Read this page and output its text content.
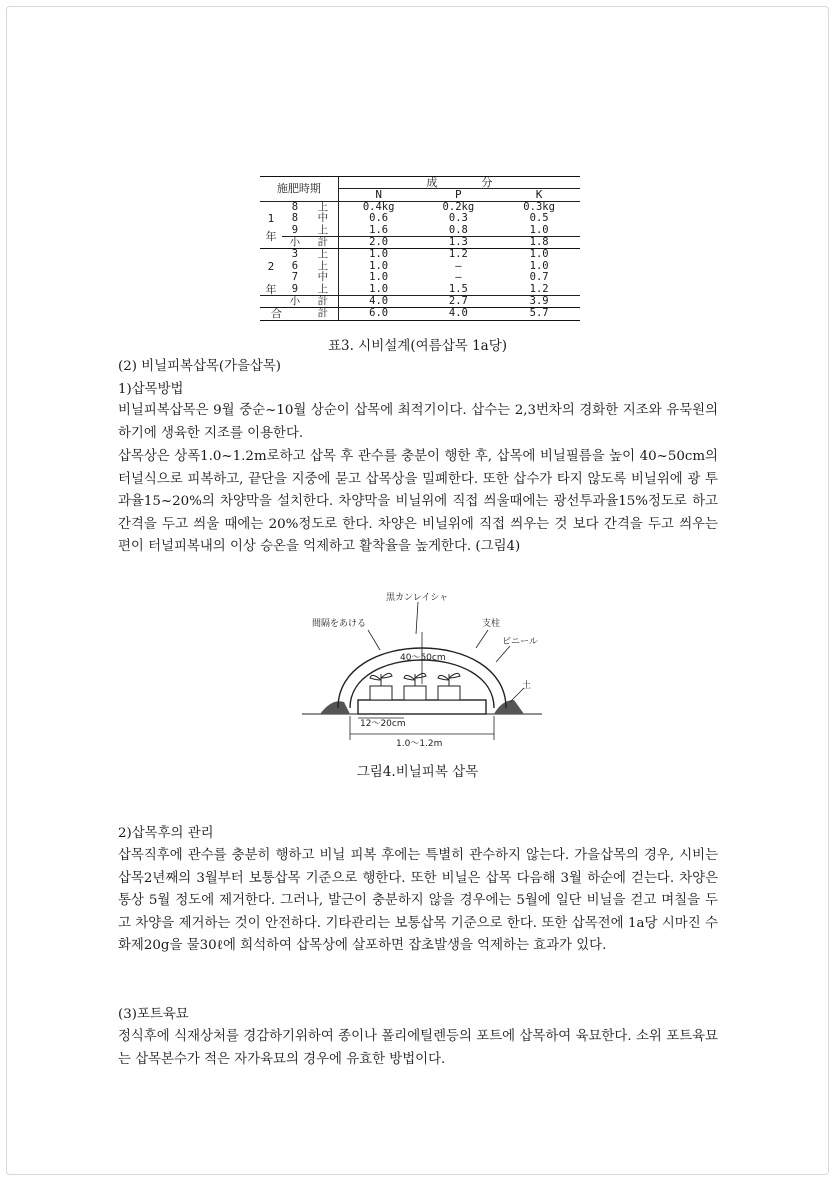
施肥時期			成　　　　分		
			N	P	K
1	8	上	0.4kg	0.2kg	0.3kg
	8	中	0.6	0.3	0.5
年	9	上	1.6	0.8	1.0
	小	計	2.0	1.3	1.8
	3	上	1.0	1.2	1.0
2	6	上	1.0	—	1.0
	7	中	1.0	—	0.7
年	9	上	1.0	1.5	1.2
	小	計	4.0	2.7	3.9
合		計	6.0	4.0	5.7
표3. 시비설계(여름삽목 1a당)
(2) 비닐피복삽목(가을삽목)
1)삽목방법
비닐피복삽목은 9월 중순~10월 상순이 삽목에 최적기이다. 삽수는 2,3번차의 경화한 지조와 유묵원의 하기에 생육한 지조를 이용한다.
삽목상은 상폭1.0~1.2m로하고 삽목 후 관수를 충분이 행한 후, 삽목에 비닐필름을 높이 40~50cm의 터널식으로 피복하고, 끝단을 지중에 묻고 삽목상을 밀폐한다. 또한 삽수가 타지 않도록 비닐위에 광 투과율15~20%의 차양막을 설치한다. 차양막을 비닐위에 직접 씌울때에는 광선투과율15%정도로 하고 간격을 두고 씌울 때에는 20%정도로 한다. 차양은 비닐위에 직접 씌우는 것 보다 간격을 두고 씌우는 편이 터널피복내의 이상 승온을 억제하고 활착율을 높게한다. (그림4)
40〜50cm
黒カンレイシャ
間隔をあける	支柱
ビニール
土
12〜20cm
1.0〜1.2m
그림4.비닐피복 삽목
2)삽목후의 관리
삽목직후에 관수를 충분히 행하고 비닐 피복 후에는 특별히 관수하지 않는다. 가을삽목의 경우, 시비는 삽목2년째의 3월부터 보통삽목 기준으로 행한다. 또한 비닐은 삽목 다음해 3월 하순에 걷는다. 차양은 통상 5월 정도에 제거한다. 그러나, 발근이 충분하지 않을 경우에는 5월에 일단 비닐을 걷고 며칠을 두고 차양을 제거하는 것이 안전하다. 기타관리는 보통삽목 기준으로 한다. 또한 삽목전에 1a당 시마진 수화제20g을 물30ℓ에 희석하여 삽목상에 살포하면 잡초발생을 억제하는 효과가 있다.
(3)포트육묘
정식후에 식재상처를 경감하기위하여 종이나 폴리에틸렌등의 포트에 삽목하여 육묘한다. 소위 포트육묘는 삽목본수가 적은 자가육묘의 경우에 유효한 방법이다.
